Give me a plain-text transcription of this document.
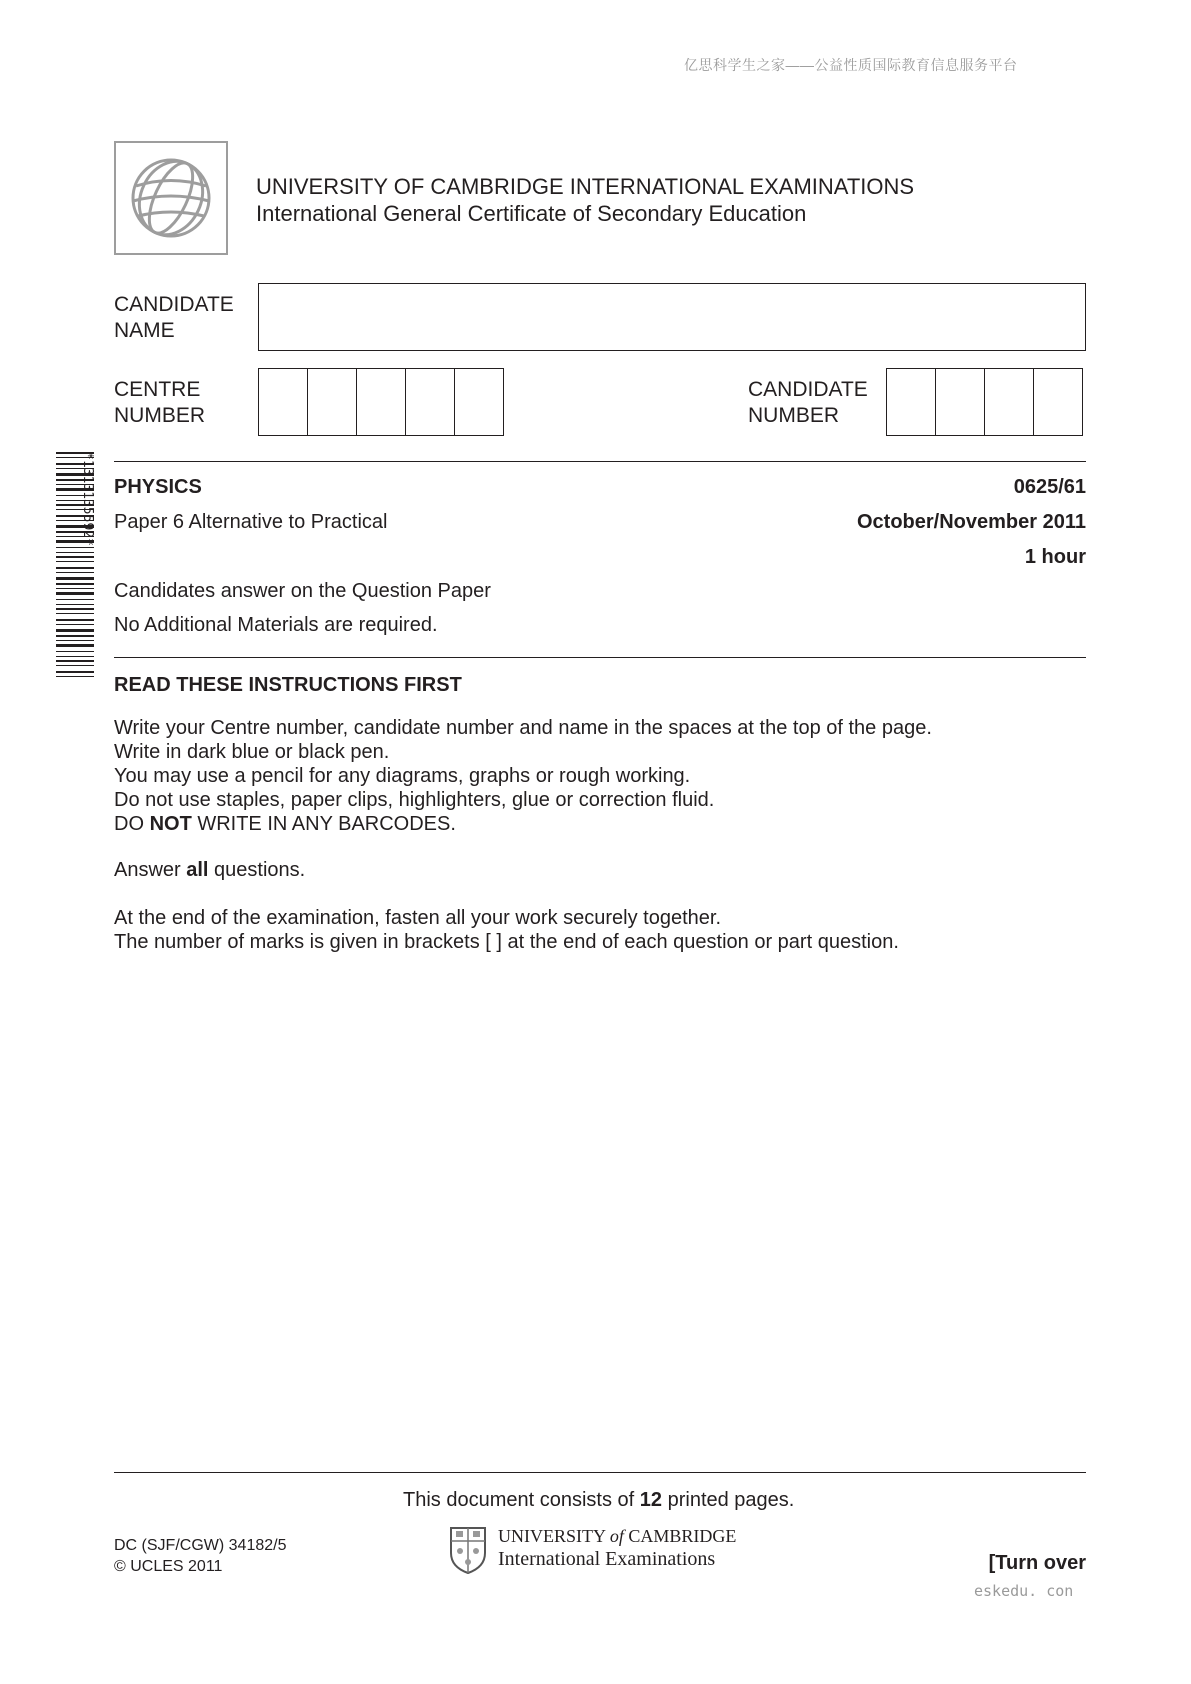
亿思科学生之家——公益性质国际教育信息服务平台
UNIVERSITY OF CAMBRIDGE INTERNATIONAL EXAMINATIONS
International General Certificate of Secondary Education
CANDIDATE
NAME
CENTRE
NUMBER
CANDIDATE
NUMBER
*1313135592* PHYSICS	0625/61
Paper 6 Alternative to Practical	October/November 2011
1 hour
Candidates answer on the Question Paper
No Additional Materials are required.
READ THESE INSTRUCTIONS FIRST
Write your Centre number, candidate number and name in the spaces at the top of the page.
Write in dark blue or black pen.
You may use a pencil for any diagrams, graphs or rough working.
Do not use staples, paper clips, highlighters, glue or correction fluid.
DO NOT WRITE IN ANY BARCODES.
Answer all questions.
At the end of the examination, fasten all your work securely together.
The number of marks is given in brackets [ ] at the end of each question or part question.
This document consists of 12 printed pages.
DC (SJF/CGW) 34182/5
© UCLES 2011
UNIVERSITY of CAMBRIDGE
International Examinations	[Turn over
eskedu. con
